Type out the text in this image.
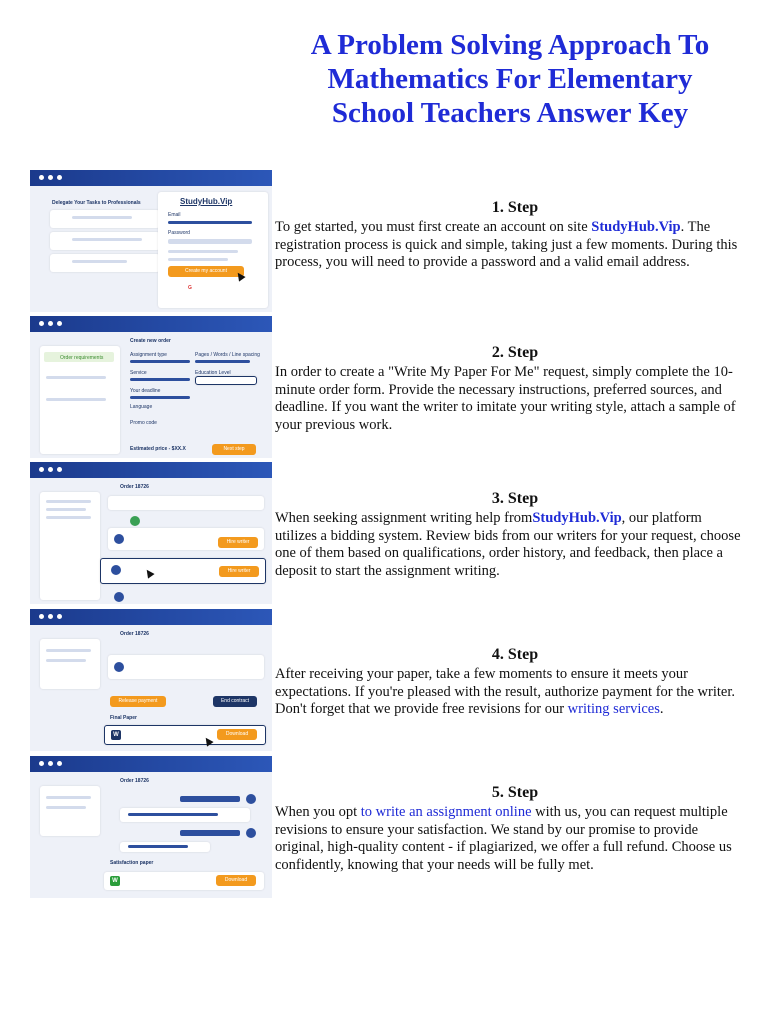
A Problem Solving Approach To
Mathematics For Elementary
School Teachers Answer Key
Delegate Your Tasks to Professionals	StudyHub.Vip
Email
Password
Create my account
G
Order requirements
Create new order
Assignment type	Pages / Words / Line spacing
Service	Education Level
Your deadline
Language
Promo code
Estimated price - $XX.X	Next step
Order 18726
Hire writer
Hire writer
Order 18726
Release payment	End contract
Final Paper
W	Download
Order 18726
Satisfaction paper
W	Download
1. Step

To get started, you must first create an account on site StudyHub.Vip. The registration process is quick and simple, taking just a few moments. During this process, you will need to provide a password and a valid email address.

2. Step

In order to create a "Write My Paper For Me" request, simply complete the 10-minute order form. Provide the necessary instructions, preferred sources, and deadline. If you want the writer to imitate your writing style, attach a sample of your previous work.

3. Step

When seeking assignment writing help fromStudyHub.Vip, our platform utilizes a bidding system. Review bids from our writers for your request, choose one of them based on qualifications, order history, and feedback, then place a deposit to start the assignment writing.

4. Step

After receiving your paper, take a few moments to ensure it meets your expectations. If you're pleased with the result, authorize payment for the writer. Don't forget that we provide free revisions for our writing services.

5. Step

When you opt to write an assignment online with us, you can request multiple revisions to ensure your satisfaction. We stand by our promise to provide original, high-quality content - if plagiarized, we offer a full refund. Choose us confidently, knowing that your needs will be fully met.
